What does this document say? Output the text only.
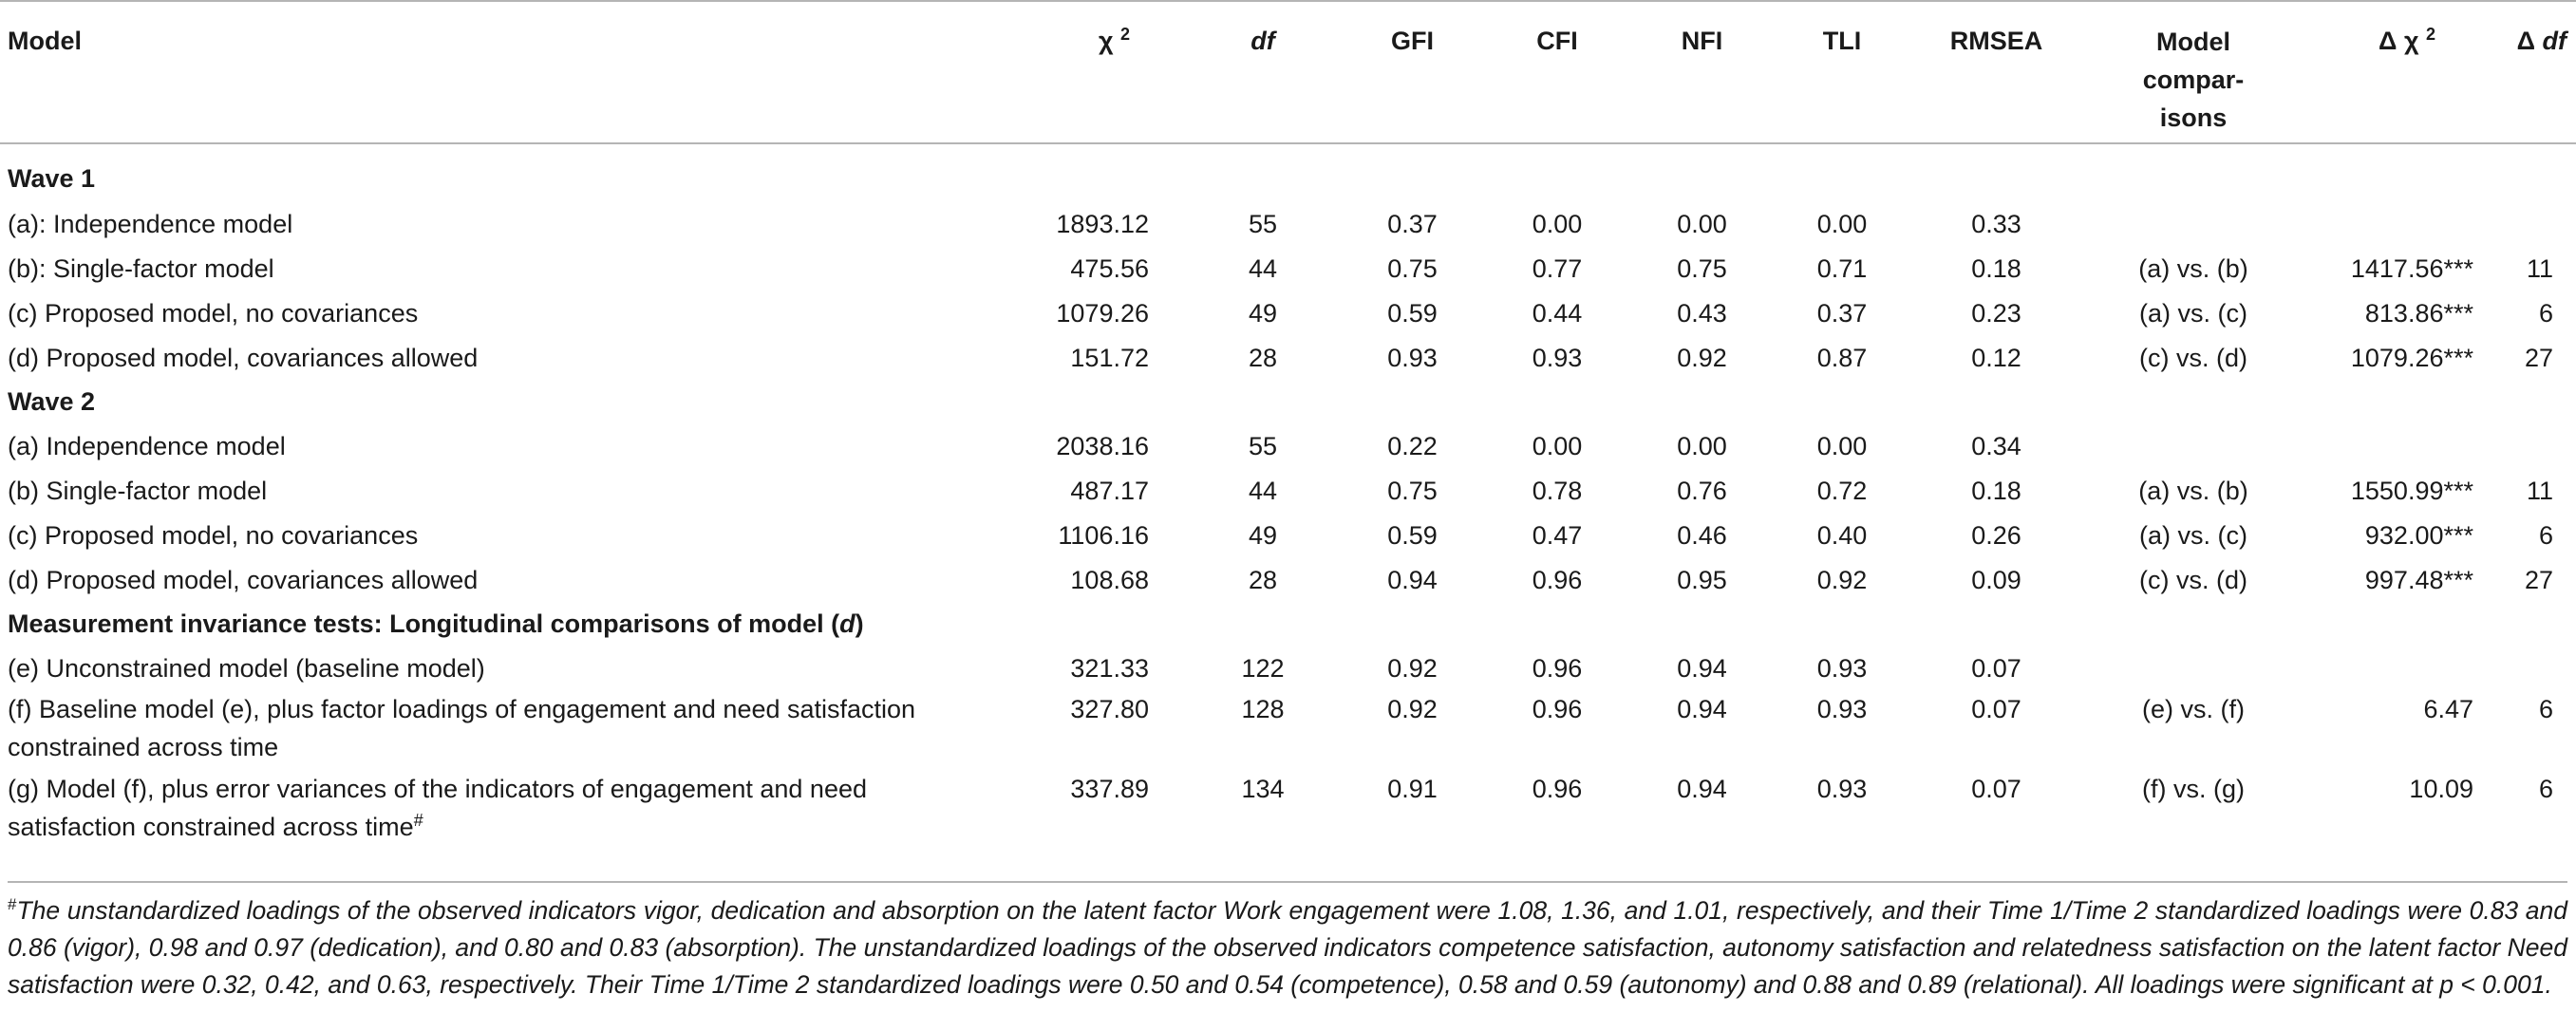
Model	χ $^2$	df	GFI	CFI	NFI	TLI	RMSEA	Model
compar-
isons	Δ χ $^2$	Δ df
Wave 1										
(a): Independence model	1893.12	55	0.37	0.00	0.00	0.00	0.33			
(b): Single-factor model	475.56	44	0.75	0.77	0.75	0.71	0.18	(a) vs. (b)	1417.56***	11
(c) Proposed model, no covariances	1079.26	49	0.59	0.44	0.43	0.37	0.23	(a) vs. (c)	813.86***	6
(d) Proposed model, covariances allowed	151.72	28	0.93	0.93	0.92	0.87	0.12	(c) vs. (d)	1079.26***	27
Wave 2										
(a) Independence model	2038.16	55	0.22	0.00	0.00	0.00	0.34			
(b) Single-factor model	487.17	44	0.75	0.78	0.76	0.72	0.18	(a) vs. (b)	1550.99***	11
(c) Proposed model, no covariances	1106.16	49	0.59	0.47	0.46	0.40	0.26	(a) vs. (c)	932.00***	6
(d) Proposed model, covariances allowed	108.68	28	0.94	0.96	0.95	0.92	0.09	(c) vs. (d)	997.48***	27
Measurement invariance tests: Longitudinal comparisons of model (d)										
(e) Unconstrained model (baseline model)	321.33	122	0.92	0.96	0.94	0.93	0.07			
(f) Baseline model (e), plus factor loadings of engagement and need satisfaction constrained across time	327.80	128	0.92	0.96	0.94	0.93	0.07	(e) vs. (f)	6.47	6
(g) Model (f), plus error variances of the indicators of engagement and need satisfaction constrained across time#	337.89	134	0.91	0.96	0.94	0.93	0.07	(f) vs. (g)	10.09	6
#The unstandardized loadings of the observed indicators vigor, dedication and absorption on the latent factor Work engagement were 1.08, 1.36, and 1.01, respectively, and their Time 1/Time 2 standardized loadings were 0.83 and 0.86 (vigor), 0.98 and 0.97 (dedication), and 0.80 and 0.83 (absorption). The unstandardized loadings of the observed indicators competence satisfaction, autonomy satisfaction and relatedness satisfaction on the latent factor Need satisfaction were 0.32, 0.42, and 0.63, respectively. Their Time 1/Time 2 standardized loadings were 0.50 and 0.54 (competence), 0.58 and 0.59 (autonomy) and 0.88 and 0.89 (relational). All loadings were significant at p < 0.001.
